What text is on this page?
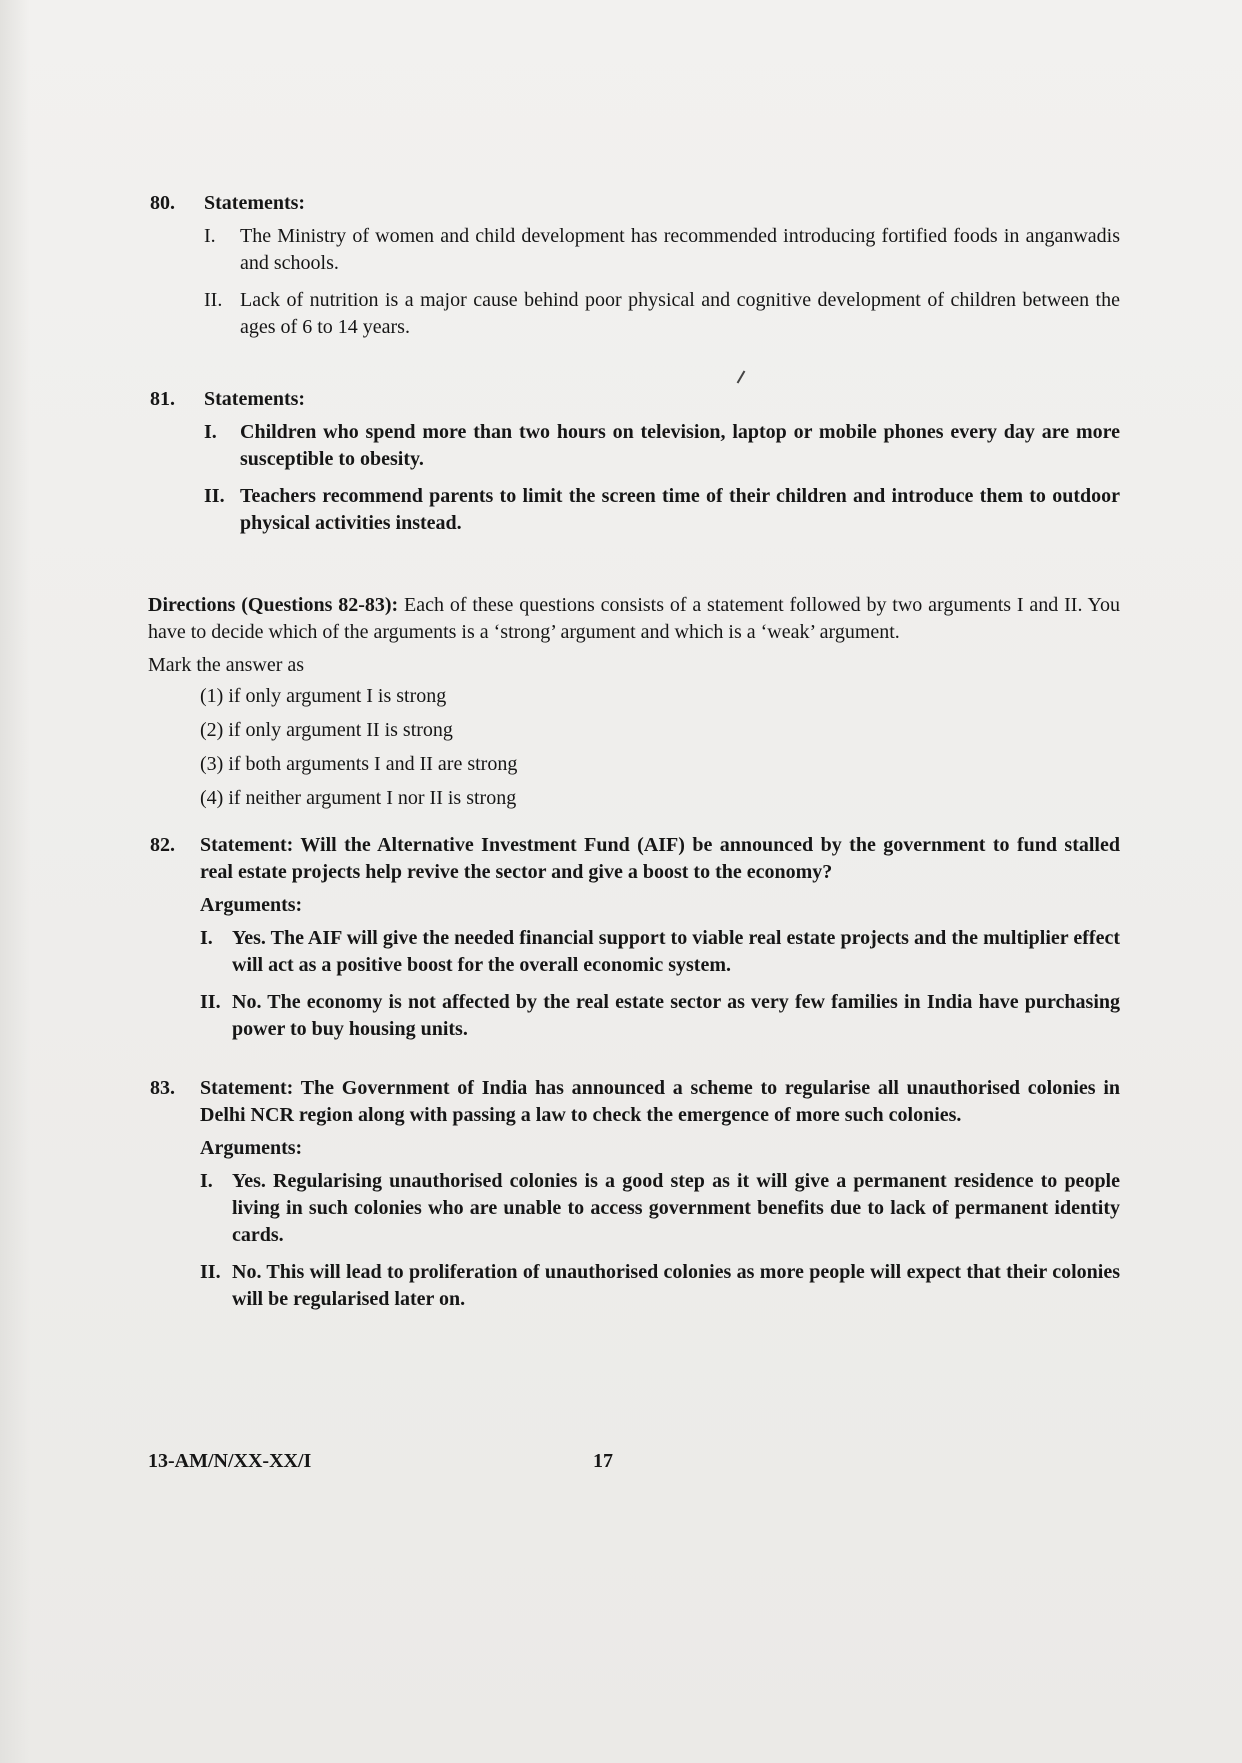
80. Statements:
I. The Ministry of women and child development has recommended introducing fortified foods in anganwadis and schools.
II. Lack of nutrition is a major cause behind poor physical and cognitive development of children between the ages of 6 to 14 years.
81. Statements:
I. Children who spend more than two hours on television, laptop or mobile phones every day are more susceptible to obesity.
II. Teachers recommend parents to limit the screen time of their children and introduce them to outdoor physical activities instead.
Directions (Questions 82-83): Each of these questions consists of a statement followed by two arguments I and II. You have to decide which of the arguments is a ‘strong’ argument and which is a ‘weak’ argument.
Mark the answer as
(1) if only argument I is strong
(2) if only argument II is strong
(3) if both arguments I and II are strong
(4) if neither argument I nor II is strong
82. Statement: Will the Alternative Investment Fund (AIF) be announced by the government to fund stalled real estate projects help revive the sector and give a boost to the economy?
Arguments:
I. Yes. The AIF will give the needed financial support to viable real estate projects and the multiplier effect will act as a positive boost for the overall economic system.
II. No. The economy is not affected by the real estate sector as very few families in India have purchasing power to buy housing units.
83. Statement: The Government of India has announced a scheme to regularise all unauthorised colonies in Delhi NCR region along with passing a law to check the emergence of more such colonies.
Arguments:
I. Yes. Regularising unauthorised colonies is a good step as it will give a permanent residence to people living in such colonies who are unable to access government benefits due to lack of permanent identity cards.
II. No. This will lead to proliferation of unauthorised colonies as more people will expect that their colonies will be regularised later on.
13-AM/N/XX-XX/I	17
